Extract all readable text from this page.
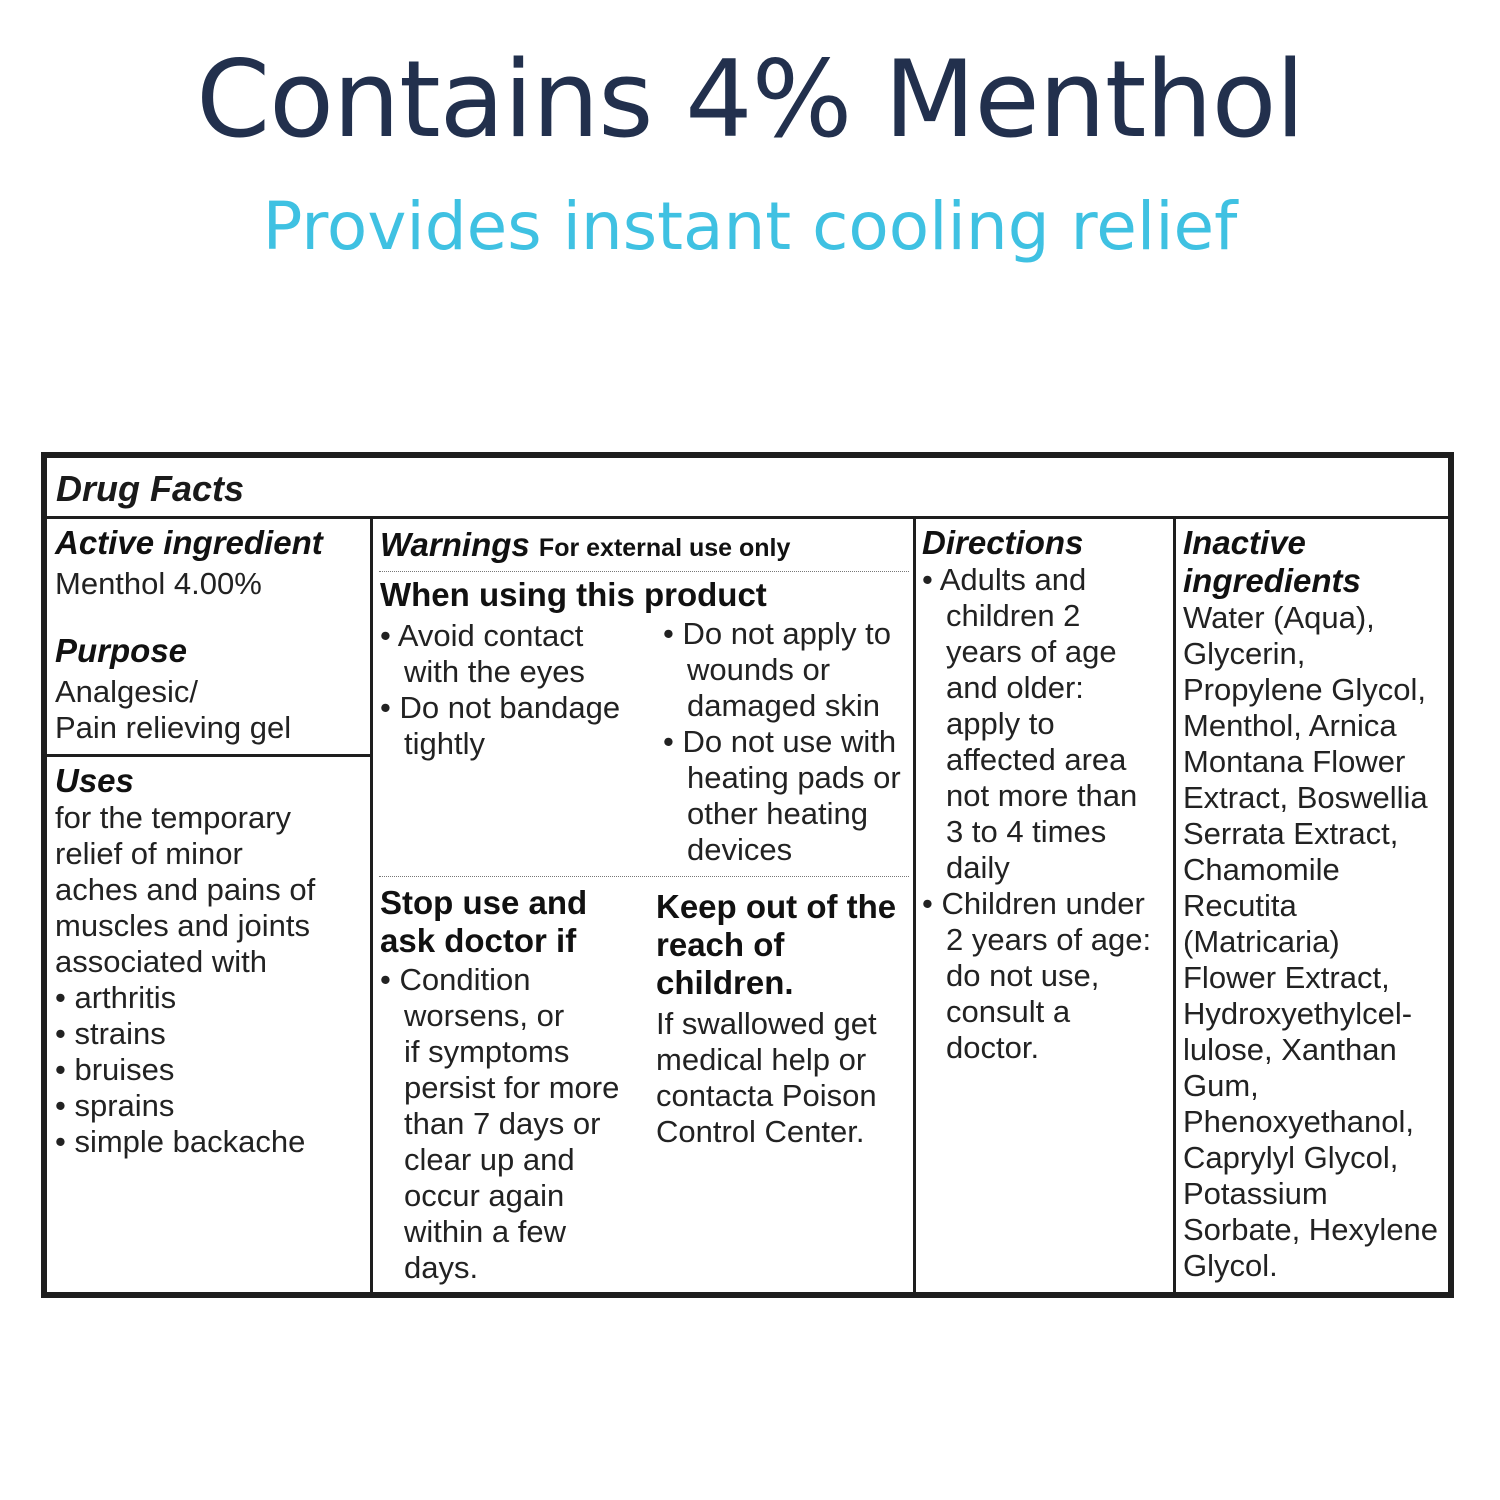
Contains 4% Menthol
Provides instant cooling relief
Drug Facts
Active ingredient
Menthol 4.00%
Purpose
Analgesic/
Pain relieving gel
Uses
for the temporary
relief of minor
aches and pains of
muscles and joints
associated with
• arthritis
• strains
• bruises
• sprains
• simple backache
Warnings For external use only
When using this product
• Avoid contact
with the eyes
• Do not bandage
tightly
• Do not apply to
wounds or
damaged skin
• Do not use with
heating pads or
other heating
devices
Stop use and
ask doctor if
• Condition
worsens, or
if symptoms
persist for more
than 7 days or
clear up and
occur again
within a few
days.
Keep out of the
reach of
children.
If swallowed get
medical help or
contacta Poison
Control Center.
Directions
• Adults and
children 2
years of age
and older:
apply to
affected area
not more than
3 to 4 times
daily
• Children under
2 years of age:
do not use,
consult a
doctor.
Inactive
ingredients
Water (Aqua),
Glycerin,
Propylene Glycol,
Menthol, Arnica
Montana Flower
Extract, Boswellia
Serrata Extract,
Chamomile
Recutita
(Matricaria)
Flower Extract,
Hydroxyethylcel-
lulose, Xanthan
Gum,
Phenoxyethanol,
Caprylyl Glycol,
Potassium
Sorbate, Hexylene
Glycol.
